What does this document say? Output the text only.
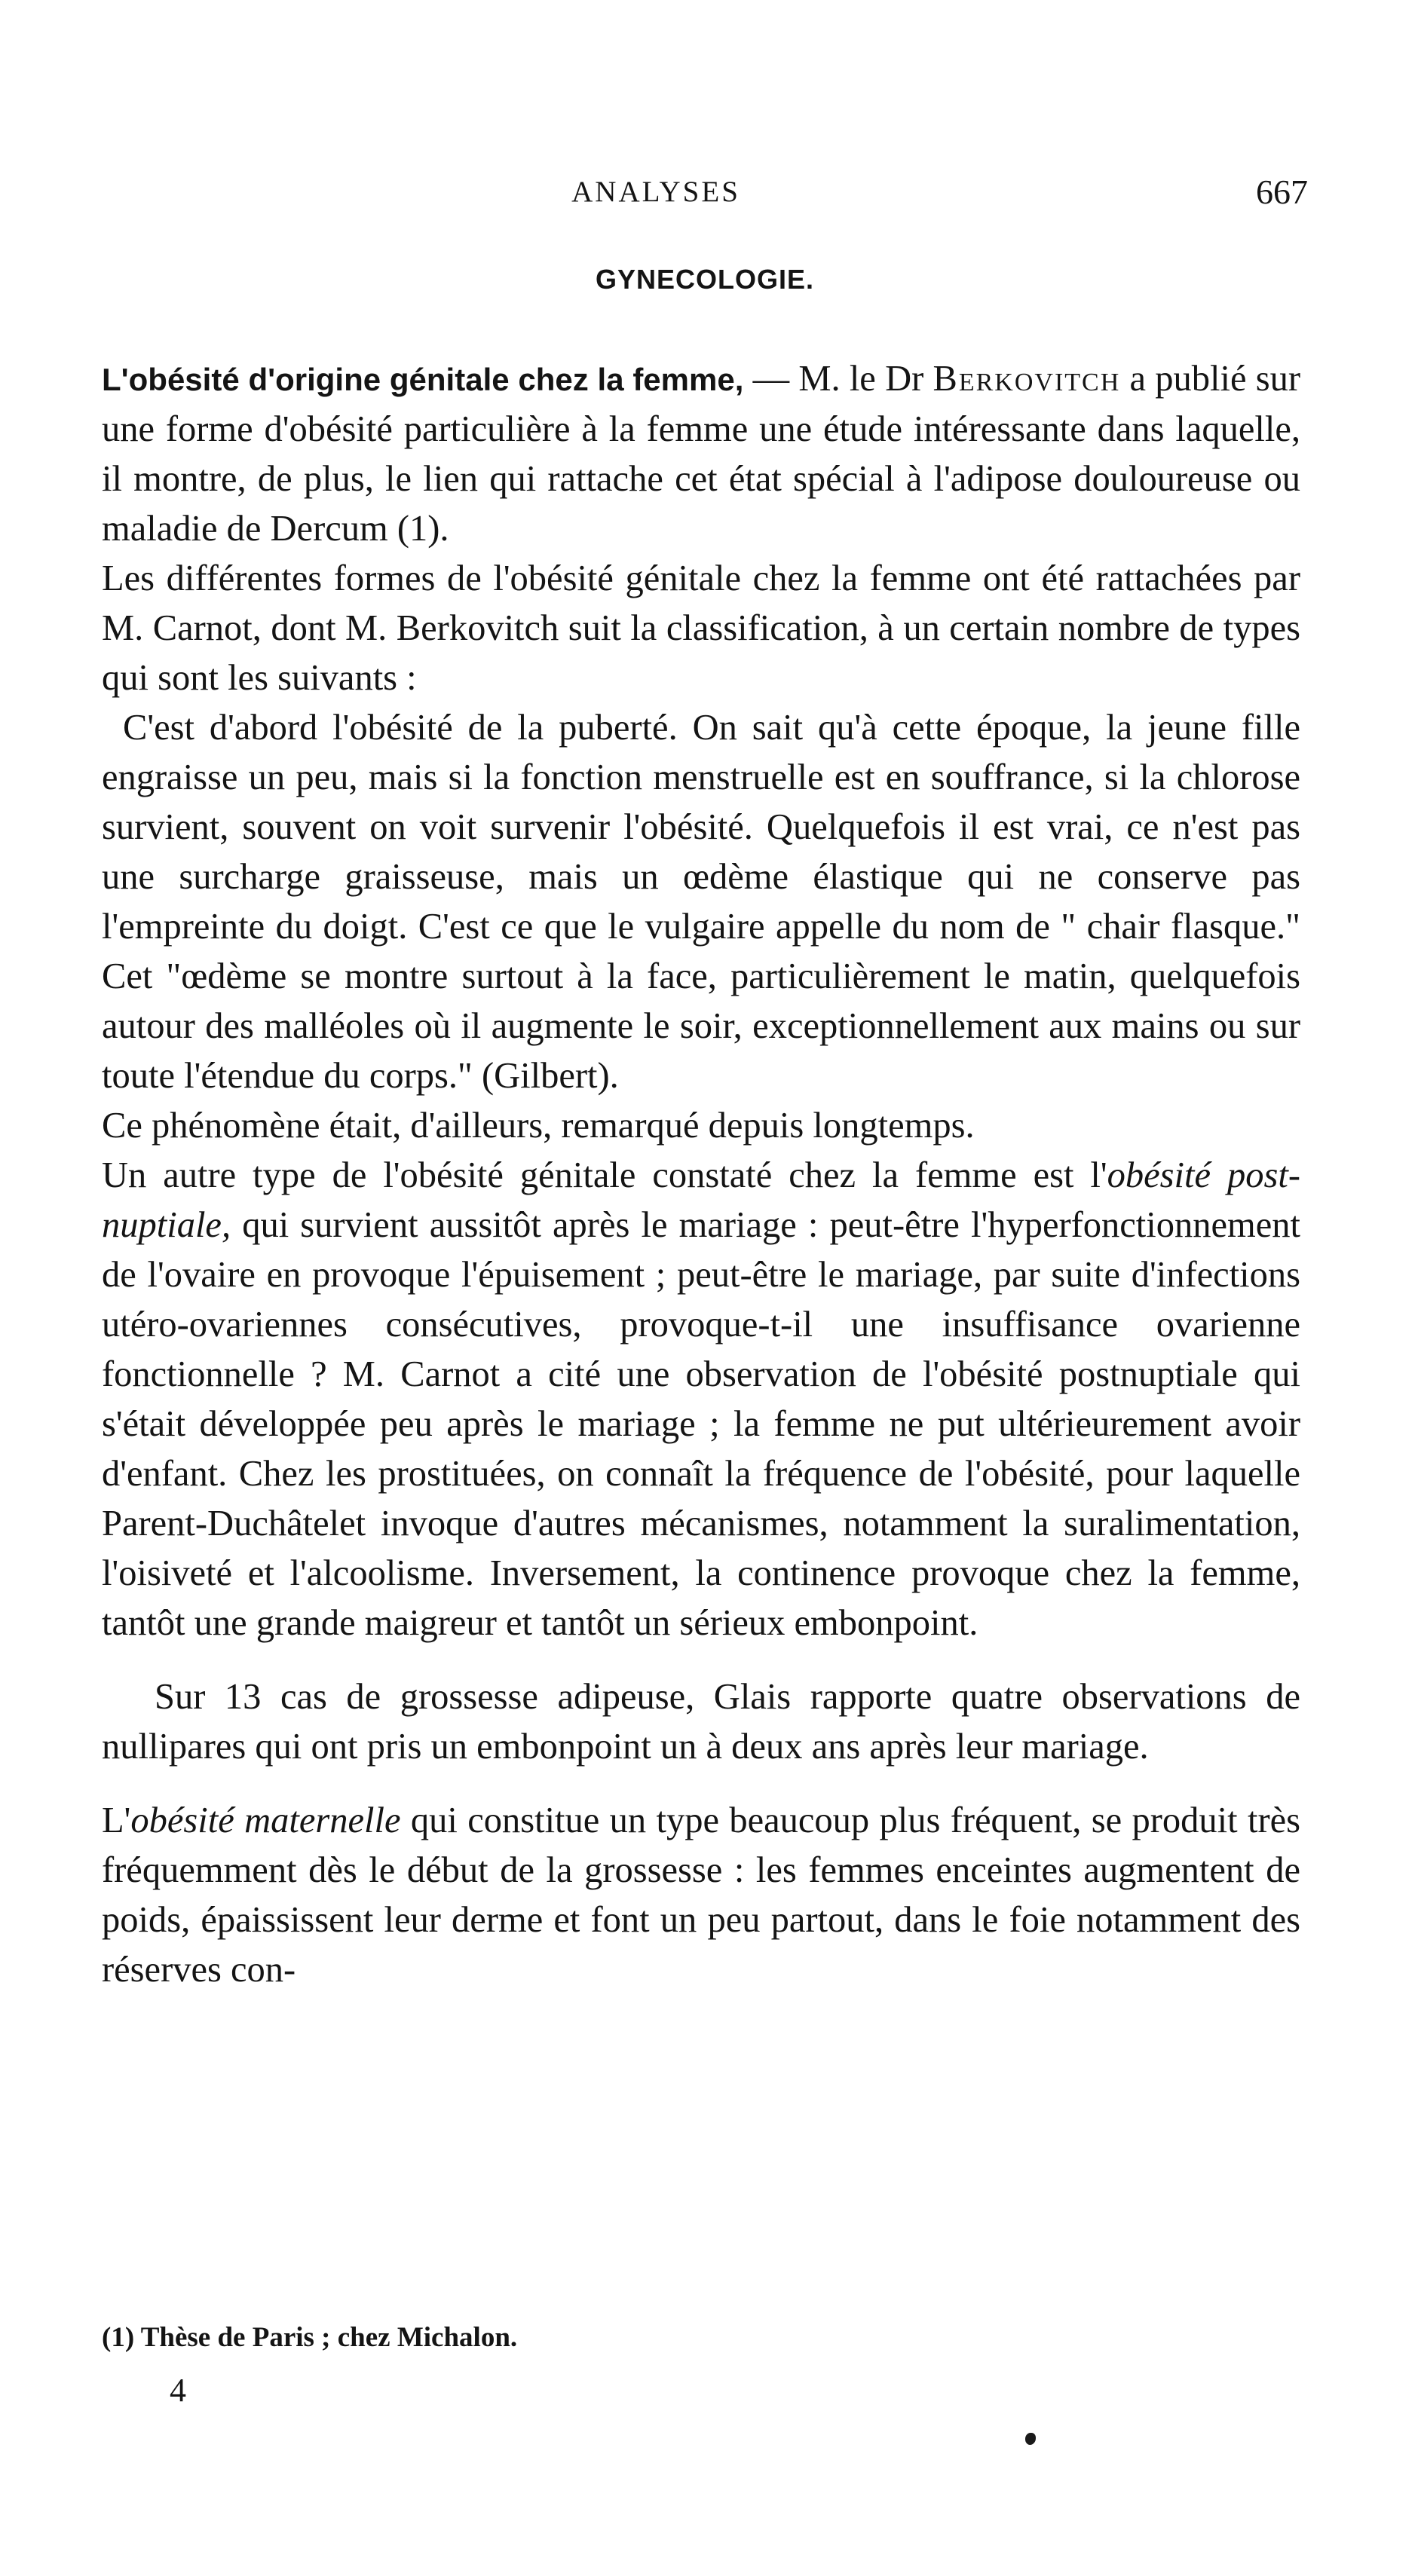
ANALYSES	667
GYNECOLOGIE.

L'obésité d'origine génitale chez la femme, — M. le Dr Berkovitch a publié sur une forme d'obésité particulière à la femme une étude intéressante dans laquelle, il montre, de plus, le lien qui rattache cet état spécial à l'adipose douloureuse ou maladie de Dercum (1).

Les différentes formes de l'obésité génitale chez la femme ont été rattachées par M. Carnot, dont M. Berkovitch suit la classification, à un certain nombre de types qui sont les suivants :

C'est d'abord l'obésité de la puberté. On sait qu'à cette époque, la jeune fille engraisse un peu, mais si la fonction menstruelle est en souffrance, si la chlorose survient, souvent on voit survenir l'obésité. Quelquefois il est vrai, ce n'est pas une surcharge graisseuse, mais un œdème élastique qui ne conserve pas l'empreinte du doigt. C'est ce que le vulgaire appelle du nom de " chair flasque." Cet "œdème se montre surtout à la face, particulièrement le matin, quelquefois autour des malléoles où il augmente le soir, exceptionnellement aux mains ou sur toute l'étendue du corps." (Gilbert).

Ce phénomène était, d'ailleurs, remarqué depuis longtemps.

Un autre type de l'obésité génitale constaté chez la femme est l'obésité post-nuptiale, qui survient aussitôt après le mariage : peut-être l'hyperfonctionnement de l'ovaire en provoque l'épuisement ; peut-être le mariage, par suite d'infections utéro-ovariennes consécutives, provoque-t-il une insuffisance ovarienne fonctionnelle ? M. Carnot a cité une observation de l'obésité postnuptiale qui s'était développée peu après le mariage ; la femme ne put ultérieurement avoir d'enfant. Chez les prostituées, on connaît la fréquence de l'obésité, pour laquelle Parent-Duchâtelet invoque d'autres mécanismes, notamment la suralimentation, l'oisiveté et l'alcoolisme. Inversement, la continence provoque chez la femme, tantôt une grande maigreur et tantôt un sérieux embonpoint.

Sur 13 cas de grossesse adipeuse, Glais rapporte quatre observations de nullipares qui ont pris un embonpoint un à deux ans après leur mariage.

L'obésité maternelle qui constitue un type beaucoup plus fréquent, se produit très fréquemment dès le début de la grossesse : les femmes enceintes augmentent de poids, épaississent leur derme et font un peu partout, dans le foie notamment des réserves con-

(1) Thèse de Paris ; chez Michalon.
4
